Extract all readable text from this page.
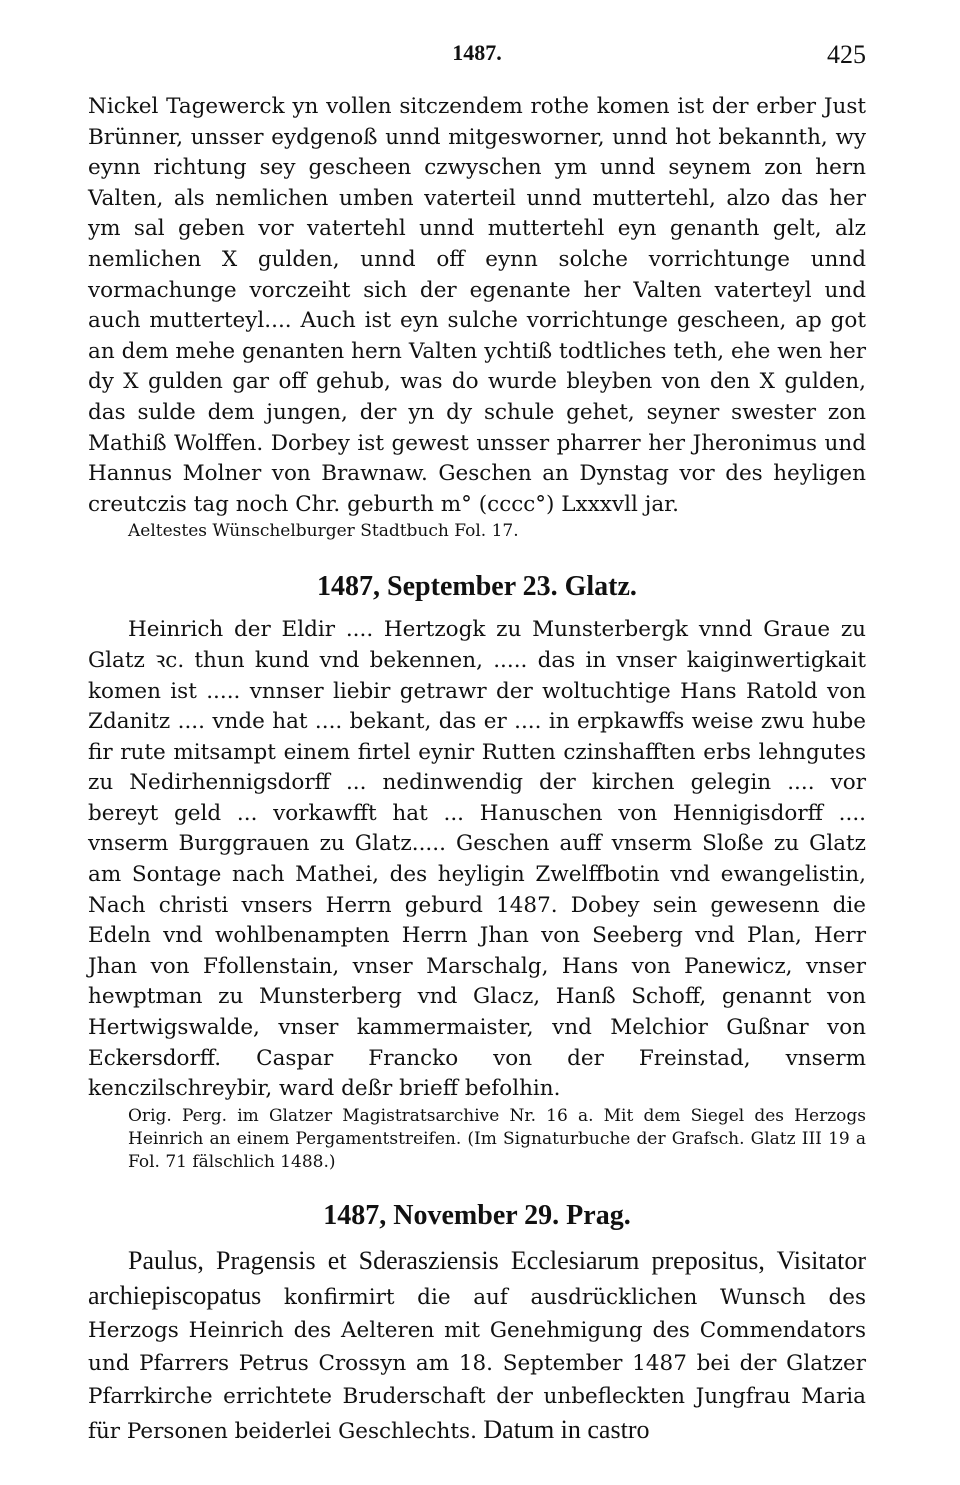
1487.	425

Nickel Tagewerck yn vollen sitczendem rothe komen ist der erber Just Brünner, unsser eydgenoß unnd mitgesworner, unnd hot bekannth, wy eynn richtung sey gescheen czwyschen ym unnd seynem zon hern Valten, als nemlichen umben vaterteil unnd muttertehl, alzo das her ym sal geben vor vatertehl unnd muttertehl eyn genanth gelt, alz nemlichen X gulden, unnd off eynn solche vorrichtunge unnd vormachunge vorczeiht sich der egenante her Valten vaterteyl und auch mutterteyl.... Auch ist eyn sulche vorrichtunge gescheen, ap got an dem mehe genanten hern Valten ychtiß todtliches teth, ehe wen her dy X gulden gar off gehub, was do wurde bleyben von den X gulden, das sulde dem jungen, der yn dy schule gehet, seyner swester zon Mathiß Wolffen. Dorbey ist gewest unsser pharrer her Jheronimus und Hannus Molner von Brawnaw. Geschen an Dynstag vor des heyligen creutczis tag noch Chr. geburth m° (cccc°) Lxxxvll jar.

Aeltestes Wünschelburger Stadtbuch Fol. 17.

1487, September 23. Glatz.

Heinrich der Eldir .... Hertzogk zu Munsterbergk vnnd Graue zu Glatz ꝛc. thun kund vnd bekennen, ..... das in vnser kaiginwertigkait komen ist ..... vnnser liebir getrawr der woltuchtige Hans Ratold von Zdanitz .... vnde hat .... bekant, das er .... in erpkawffs weise zwu hube fir rute mitsampt einem firtel eynir Rutten czinshafften erbs lehngutes zu Nedirhennigsdorff ... nedinwendig der kirchen gelegin .... vor bereyt geld ... vorkawfft hat ... Hanuschen von Hennigisdorff .... vnserm Burggrauen zu Glatz..... Geschen auff vnserm Sloße zu Glatz am Sontage nach Mathei, des heyligin Zwelffbotin vnd ewangelistin, Nach christi vnsers Herrn geburd 1487. Dobey sein gewesenn die Edeln vnd wohlbenampten Herrn Jhan von Seeberg vnd Plan, Herr Jhan von Ffollenstain, vnser Marschalg, Hans von Panewicz, vnser hewptman zu Munsterberg vnd Glacz, Hanß Schoff, genannt von Hertwigswalde, vnser kammermaister, vnd Melchior Gußnar von Eckersdorff. Caspar Francko von der Freinstad, vnserm kenczilschreybir, ward deßr brieff befolhin.

Orig. Perg. im Glatzer Magistratsarchive Nr. 16 a. Mit dem Siegel des Herzogs Heinrich an einem Pergamentstreifen. (Im Signaturbuche der Grafsch. Glatz III 19 a Fol. 71 fälschlich 1488.)

1487, November 29. Prag.

Paulus, Pragensis et Sderasziensis Ecclesiarum prepositus, Visitator archiepiscopatus konfirmirt die auf ausdrücklichen Wunsch des Herzogs Heinrich des Aelteren mit Genehmigung des Commendators und Pfarrers Petrus Crossyn am 18. September 1487 bei der Glatzer Pfarrkirche errichtete Bruderschaft der unbefleckten Jungfrau Maria für Personen beiderlei Geschlechts. Datum in castro
